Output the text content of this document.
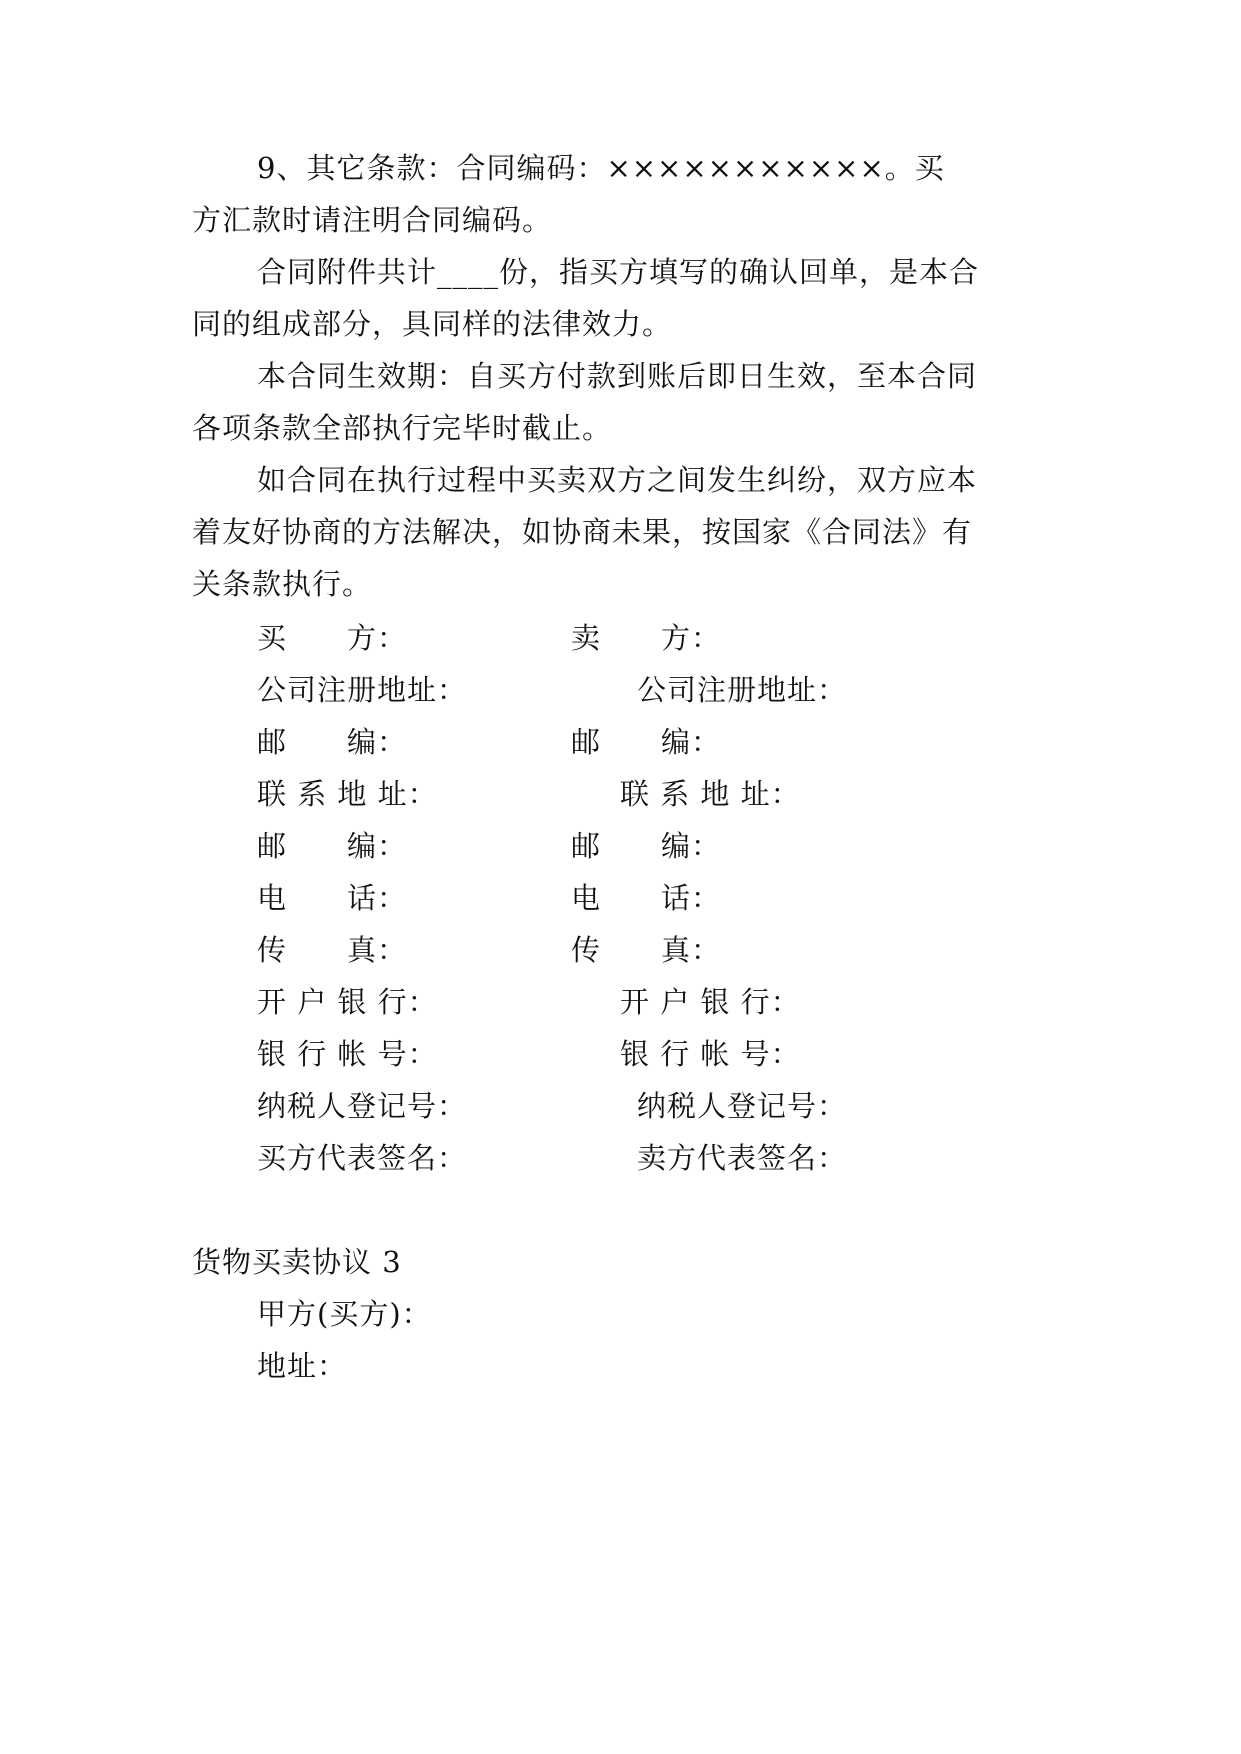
9、其它条款：合同编码：×××××××××××。买
方汇款时请注明合同编码。
合同附件共计____份，指买方填写的确认回单，是本合
同的组成部分，具同样的法律效力。
本合同生效期：自买方付款到账后即日生效，至本合同
各项条款全部执行完毕时截止。
如合同在执行过程中买卖双方之间发生纠纷，双方应本
着友好协商的方法解决，如协商未果，按国家《合同法》有
关条款执行。
买　　方：	卖　　方：
公司注册地址：	公司注册地址：
邮　　编：	邮　　编：
联 系 地 址：	联 系 地 址：
邮　　编：	邮　　编：
电　　话：	电　　话：
传　　真：	传　　真：
开 户 银 行：	开 户 银 行：
银 行 帐 号：	银 行 帐 号：
纳税人登记号：	纳税人登记号：
买方代表签名：	卖方代表签名：
货物买卖协议 3
甲方(买方)：
地址：
